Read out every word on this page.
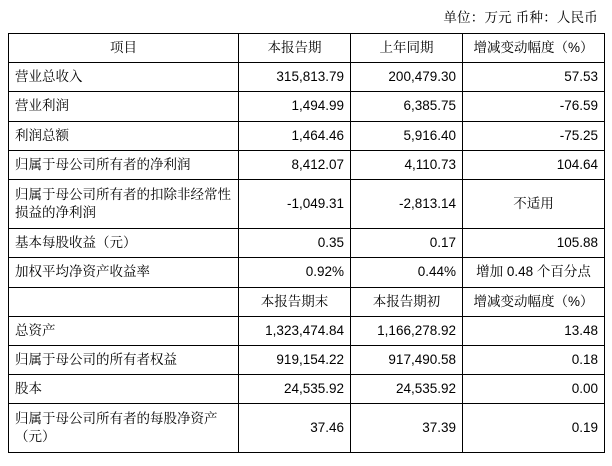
单位：万元 币种：人民币
项目	本报告期	上年同期	增减变动幅度（%）
营业总收入	315,813.79	200,479.30	57.53
营业利润	1,494.99	6,385.75	-76.59
利润总额	1,464.46	5,916.40	-75.25
归属于母公司所有者的净利润	8,412.07	4,110.73	104.64
归属于母公司所有者的扣除非经常性损益的净利润	-1,049.31	-2,813.14	不适用
基本每股收益（元）	0.35	0.17	105.88
加权平均净资产收益率	0.92%	0.44%	增加 0.48 个百分点
	本报告期末	本报告期初	增减变动幅度（%）
总资产	1,323,474.84	1,166,278.92	13.48
归属于母公司的所有者权益	919,154.22	917,490.58	0.18
股本	24,535.92	24,535.92	0.00
归属于母公司所有者的每股净资产（元）	37.46	37.39	0.19
